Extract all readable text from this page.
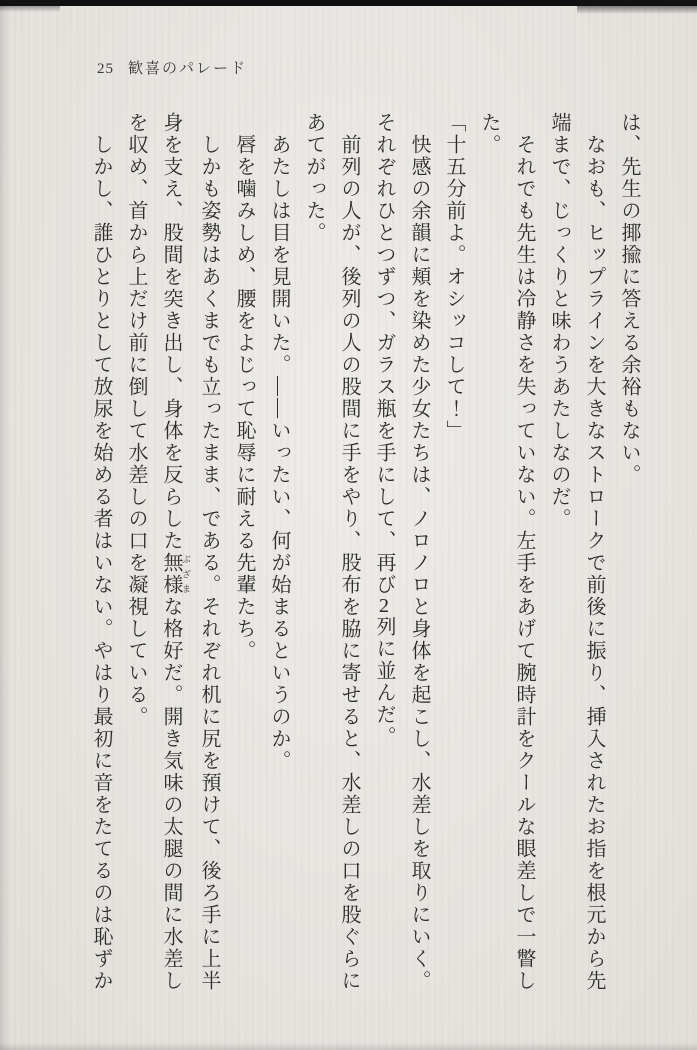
25 歓喜のパレード
は、先生の揶揄に答える余裕もない。
　なおも、ヒップラインを大きなストロークで前後に振り、挿入されたお指を根元から先
端まで、じっくりと味わうあたしなのだ。
　それでも先生は冷静さを失っていない。左手をあげて腕時計をクールな眼差しで一瞥し
た。
「十五分前よ。オシッコして！」
　快感の余韻に頬を染めた少女たちは、ノロノロと身体を起こし、水差しを取りにいく。
それぞれひとつずつ、ガラス瓶を手にして、再び2列に並んだ。
　前列の人が、後列の人の股間に手をやり、股布を脇に寄せると、水差しの口を股ぐらに
あてがった。
　あたしは目を見開いた。――いったい、何が始まるというのか。
　唇を噛みしめ、腰をよじって恥辱に耐える先輩たち。
　しかも姿勢はあくまでも立ったまま、である。それぞれ机に尻を預けて、後ろ手に上半
身を支え、股間を突き出し、身体を反らした無様 ぶざまな格好だ。開き気味の太腿の間に水差し
を収め、首から上だけ前に倒して水差しの口を凝視している。
　しかし、誰ひとりとして放尿を始める者はいない。やはり最初に音をたてるのは恥ずか
